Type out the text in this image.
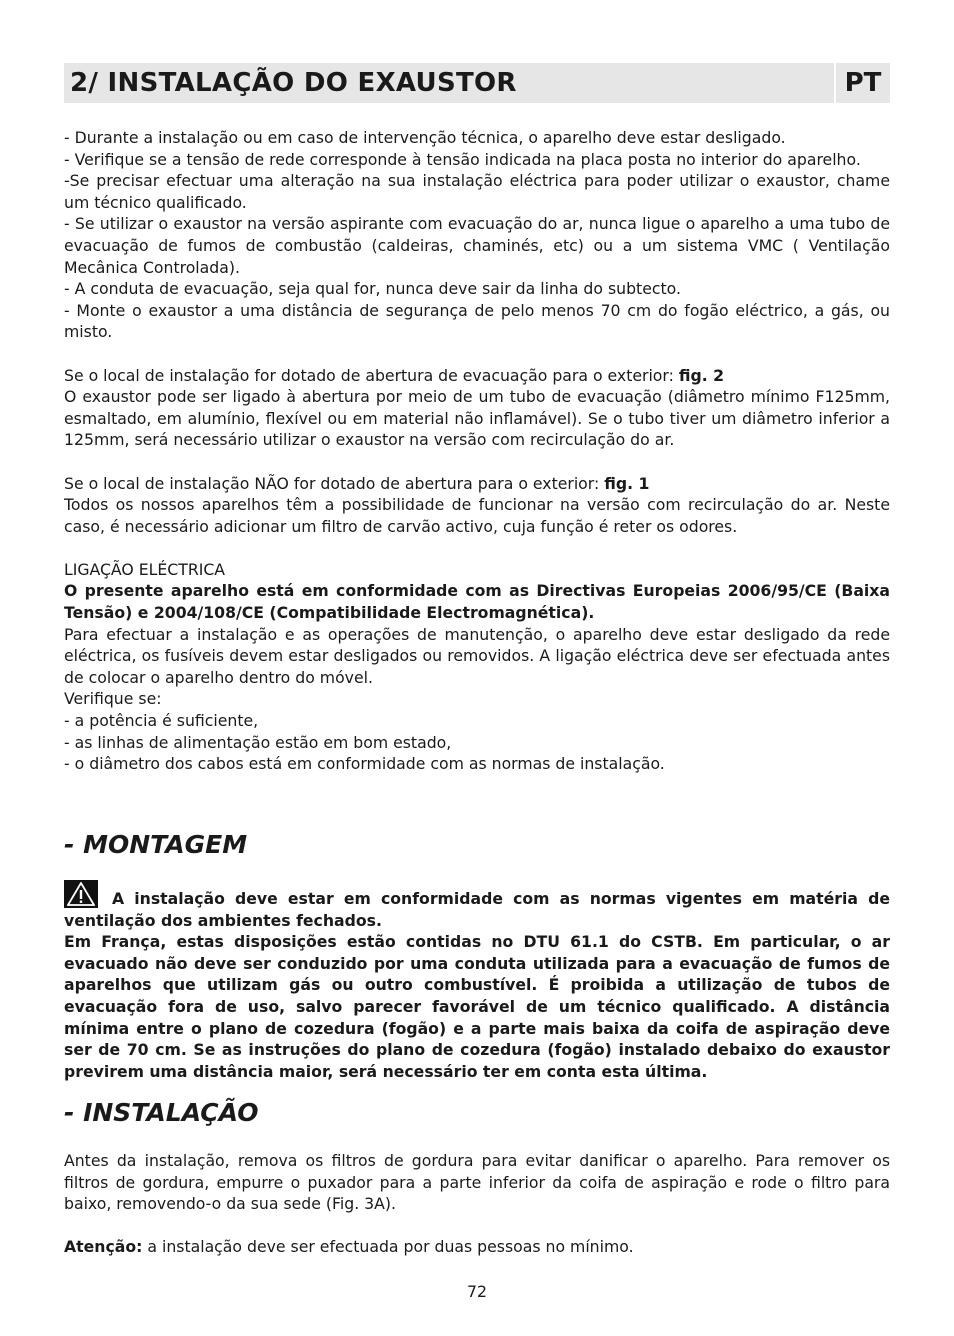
2/ INSTALAÇÃO DO EXAUSTOR	PT

- Durante a instalação ou em caso de intervenção técnica, o aparelho deve estar desligado.

- Verifique se a tensão de rede corresponde à tensão indicada na placa posta no interior do aparelho.

-Se precisar efectuar uma alteração na sua instalação eléctrica para poder utilizar o exaustor, chame um técnico qualificado.

- Se utilizar o exaustor na versão aspirante com evacuação do ar, nunca ligue o aparelho a uma tubo de evacuação de fumos de combustão (caldeiras, chaminés, etc) ou a um sistema VMC ( Ventilação Mecânica Controlada).

- A conduta de evacuação, seja qual for, nunca deve sair da linha do subtecto.

- Monte o exaustor a uma distância de segurança de pelo menos 70 cm do fogão eléctrico, a gás, ou misto.

Se o local de instalação for dotado de abertura de evacuação para o exterior: fig. 2

O exaustor pode ser ligado à abertura por meio de um tubo de evacuação (diâmetro mínimo F125mm, esmaltado, em alumínio, flexível ou em material não inflamável). Se o tubo tiver um diâmetro inferior a 125mm, será necessário utilizar o exaustor na versão com recirculação do ar.

Se o local de instalação NÃO for dotado de abertura para o exterior: fig. 1

Todos os nossos aparelhos têm a possibilidade de funcionar na versão com recirculação do ar. Neste caso, é necessário adicionar um filtro de carvão activo, cuja função é reter os odores.

LIGAÇÃO ELÉCTRICA

O presente aparelho está em conformidade com as Directivas Europeias 2006/95/CE (Baixa Tensão) e 2004/108/CE (Compatibilidade Electromagnética).

Para efectuar a instalação e as operações de manutenção, o aparelho deve estar desligado da rede eléctrica, os fusíveis devem estar desligados ou removidos. A ligação eléctrica deve ser efectuada antes de colocar o aparelho dentro do móvel.

Verifique se:

- a potência é suficiente,

- as linhas de alimentação estão em bom estado,

- o diâmetro dos cabos está em conformidade com as normas de instalação.

- MONTAGEM

A instalação deve estar em conformidade com as normas vigentes em matéria de ventilação dos ambientes fechados.

Em França, estas disposições estão contidas no DTU 61.1 do CSTB. Em particular, o ar evacuado não deve ser conduzido por uma conduta utilizada para a evacuação de fumos de aparelhos que utilizam gás ou outro combustível. É proibida a utilização de tubos de evacuação fora de uso, salvo parecer favorável de um técnico qualificado. A distância mínima entre o plano de cozedura (fogão) e a parte mais baixa da coifa de aspiração deve ser de 70 cm. Se as instruções do plano de cozedura (fogão) instalado debaixo do exaustor previrem uma distância maior, será necessário ter em conta esta última.

- INSTALAÇÃO

Antes da instalação, remova os filtros de gordura para evitar danificar o aparelho. Para remover os filtros de gordura, empurre o puxador para a parte inferior da coifa de aspiração e rode o filtro para baixo, removendo-o da sua sede (Fig. 3A).

Atenção: a instalação deve ser efectuada por duas pessoas no mínimo.

72
